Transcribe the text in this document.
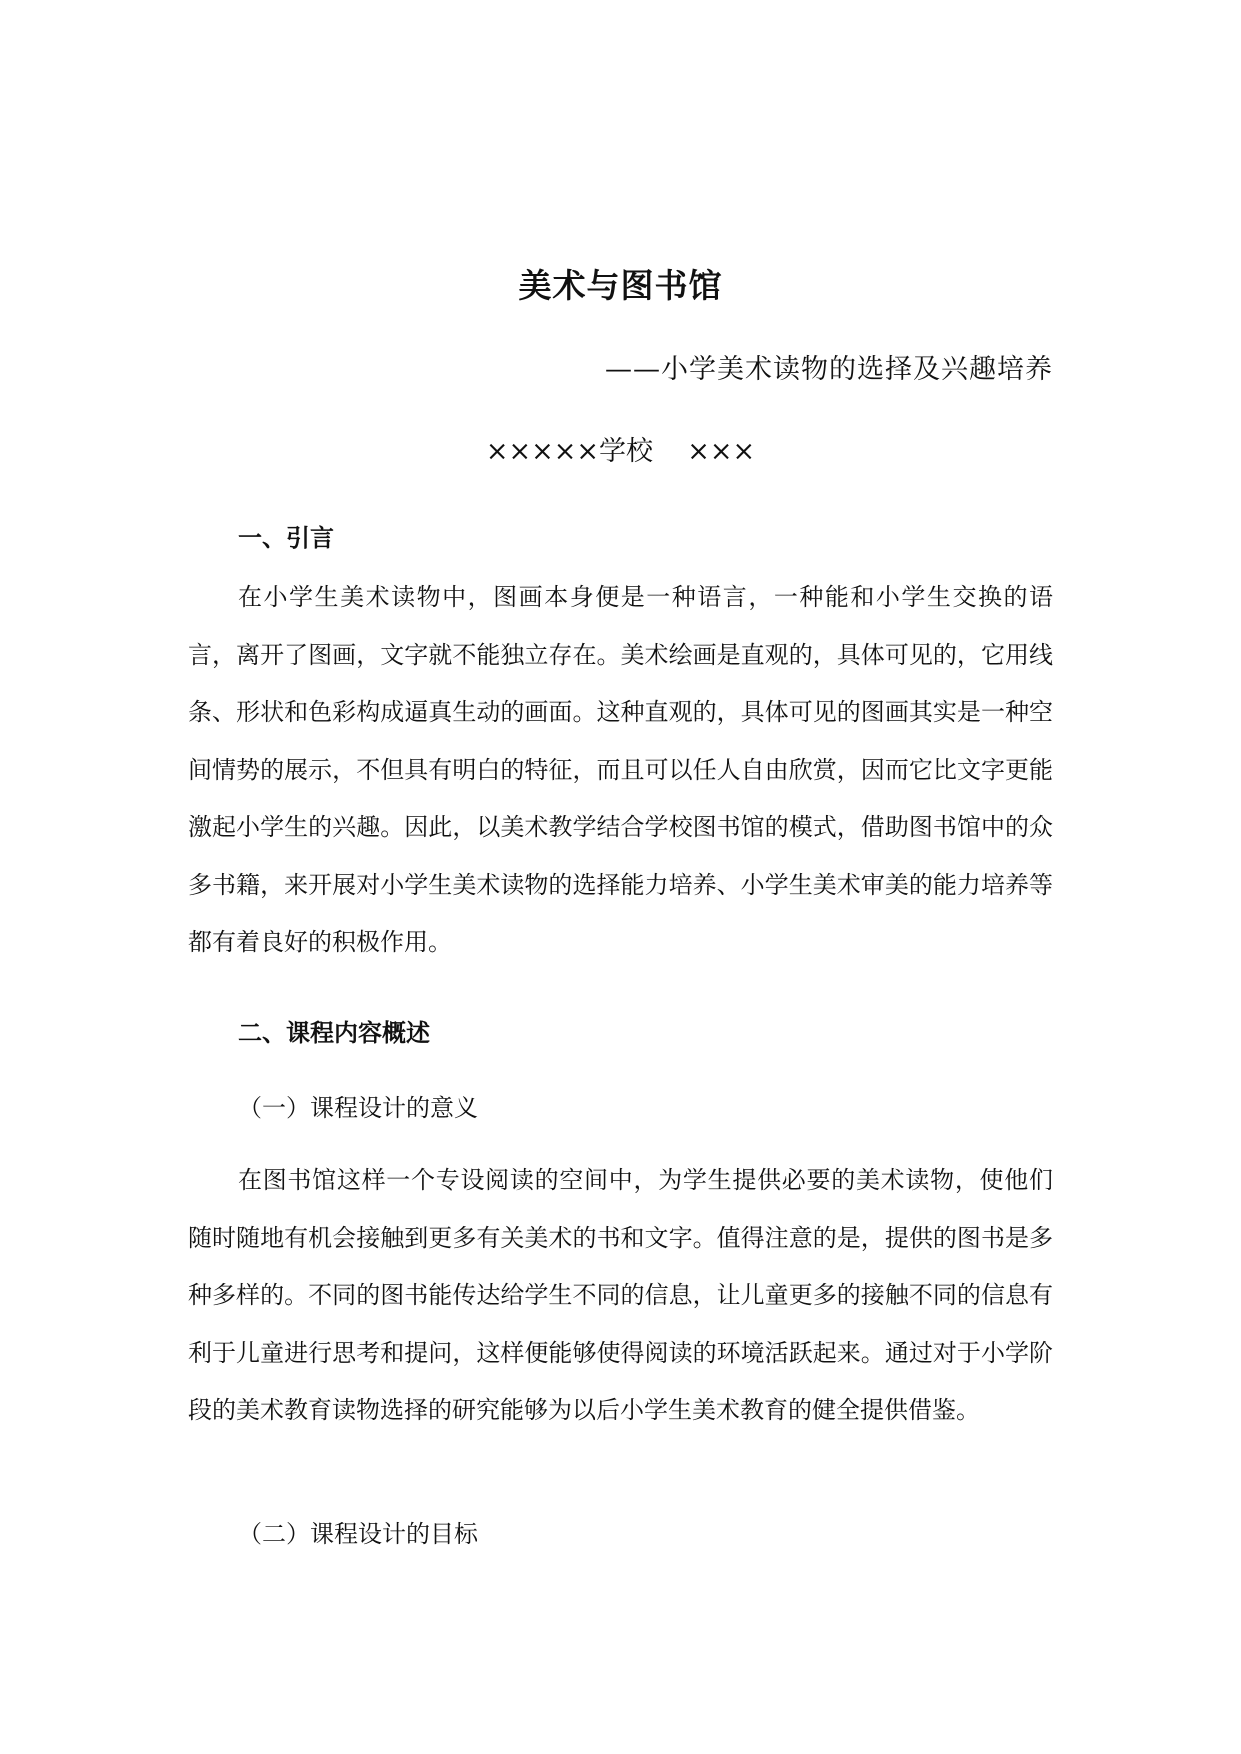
美术与图书馆
——小学美术读物的选择及兴趣培养
×××××学校    ×××
一、引言
在小学生美术读物中，图画本身便是一种语言，一种能和小学生交换的语言，离开了图画，文字就不能独立存在。美术绘画是直观的，具体可见的，它用线条、形状和色彩构成逼真生动的画面。这种直观的，具体可见的图画其实是一种空间情势的展示，不但具有明白的特征，而且可以任人自由欣赏，因而它比文字更能激起小学生的兴趣。因此，以美术教学结合学校图书馆的模式，借助图书馆中的众多书籍，来开展对小学生美术读物的选择能力培养、小学生美术审美的能力培养等都有着良好的积极作用。
二、课程内容概述
（一）课程设计的意义
在图书馆这样一个专设阅读的空间中，为学生提供必要的美术读物，使他们随时随地有机会接触到更多有关美术的书和文字。值得注意的是，提供的图书是多种多样的。不同的图书能传达给学生不同的信息，让儿童更多的接触不同的信息有利于儿童进行思考和提问，这样便能够使得阅读的环境活跃起来。通过对于小学阶段的美术教育读物选择的研究能够为以后小学生美术教育的健全提供借鉴。
（二）课程设计的目标
